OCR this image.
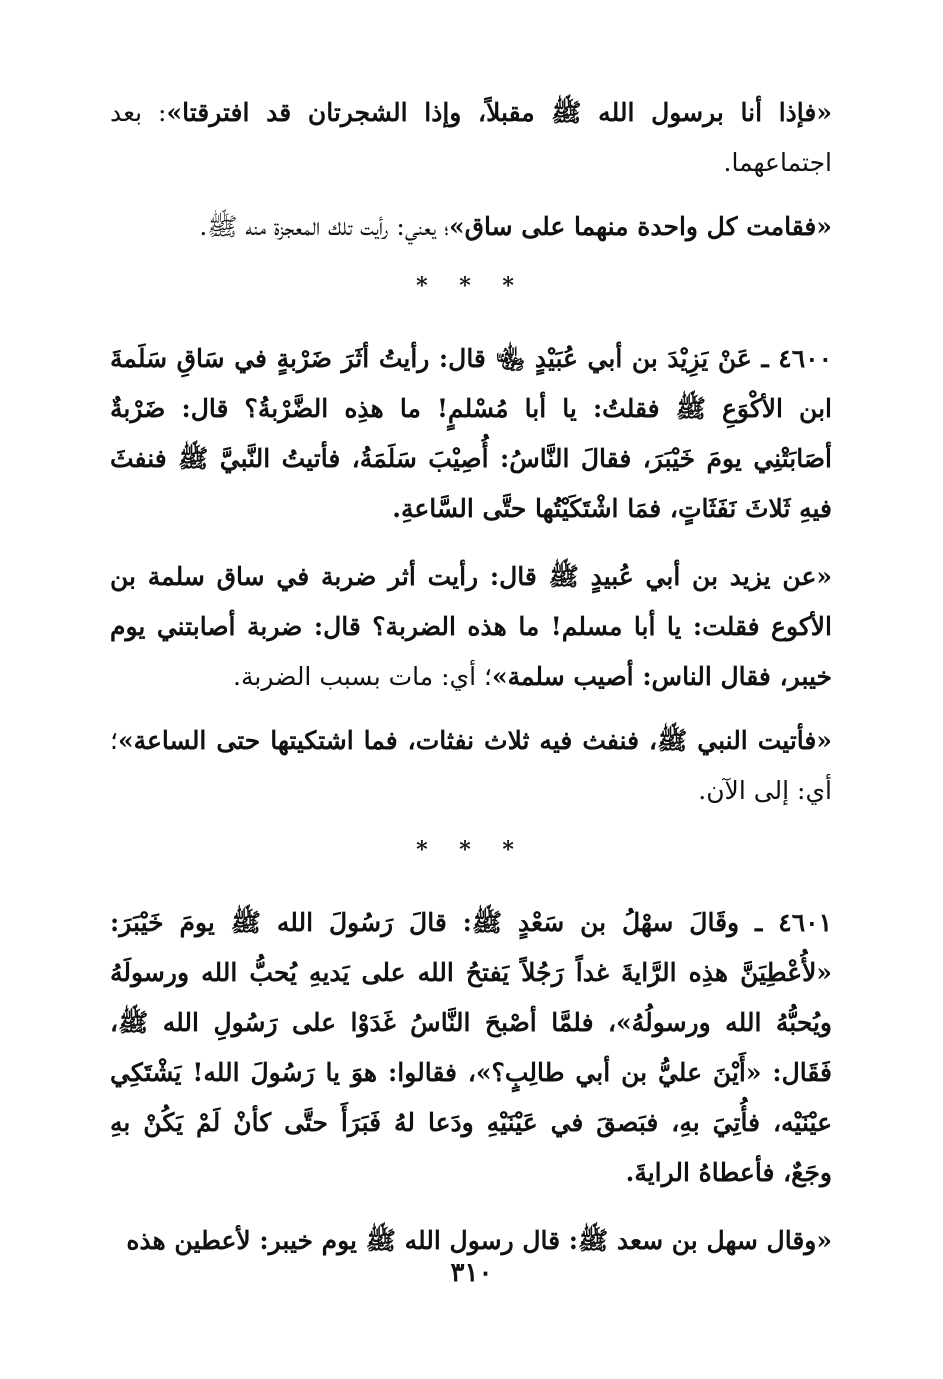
«فإذا أنا برسول الله ﷺ مقبلاً، وإذا الشجرتان قد افترقتا»: بعد اجتماعهما.

«فقامت كل واحدة منهما على ساق»؛ يعني: رأيت تلك المعجزة منه ﷺ.

* * *

٤٦٠٠ ـ عَنْ يَزِيْدَ بن أبي عُبَيْدٍ ﵄ قال: رأيتُ أثَرَ ضَرْبةٍ في سَاقِ سَلَمةَ ابن الأكْوَعِ ﷺ فقلتُ: يا أبا مُسْلمٍ! ما هذِه الضَّرْبةُ؟ قال: ضَرْبةٌ أصَابَتْنِي يومَ خَيْبَرَ، فقالَ النَّاسُ: أُصِيْبَ سَلَمَةُ، فأتيتُ النَّبيَّ ﷺ فنفثَ فيهِ ثَلاثَ نَفَثَاتٍ، فمَا اشْتَكَيْتُها حتَّى السَّاعةِ.

«عن يزيد بن أبي عُبيدٍ ﷺ قال: رأيت أثر ضربة في ساق سلمة بن الأكوع فقلت: يا أبا مسلم! ما هذه الضربة؟ قال: ضربة أصابتني يوم خيبر، فقال الناس: أصيب سلمة»؛ أي: مات بسبب الضربة.

«فأتيت النبي ﷺ، فنفث فيه ثلاث نفثات، فما اشتكيتها حتى الساعة»؛ أي: إلى الآن.

* * *

٤٦٠١ ـ وقَالَ سهْلُ بن سَعْدٍ ﷺ: قالَ رَسُولَ الله ﷺ يومَ خَيْبَرَ: «لأُعْطِيَنَّ هذِه الرَّايةَ غداً رَجُلاً يَفتحُ الله على يَديهِ يُحبُّ الله ورسولَهُ ويُحبُّهُ الله ورسولُهُ»، فلمَّا أصْبحَ النَّاسُ غَدَوْا على رَسُولِ الله ﷺ، فَقَال: «أَيْنَ عليُّ بن أبي طالِبٍ؟»، فقالوا: هوَ يا رَسُولَ الله! يَشْتَكِي عيْنَيْه، فأُتِيَ بهِ، فبَصقَ في عَيْنَيْهِ ودَعا لهُ فَبَرَأَ حتَّى كأنْ لَمْ يَكُنْ بهِ وجَعٌ، فأعطاهُ الرايةَ.

«وقال سهل بن سعد ﷺ: قال رسول الله ﷺ يوم خيبر: لأعطين هذه

٣١٠
